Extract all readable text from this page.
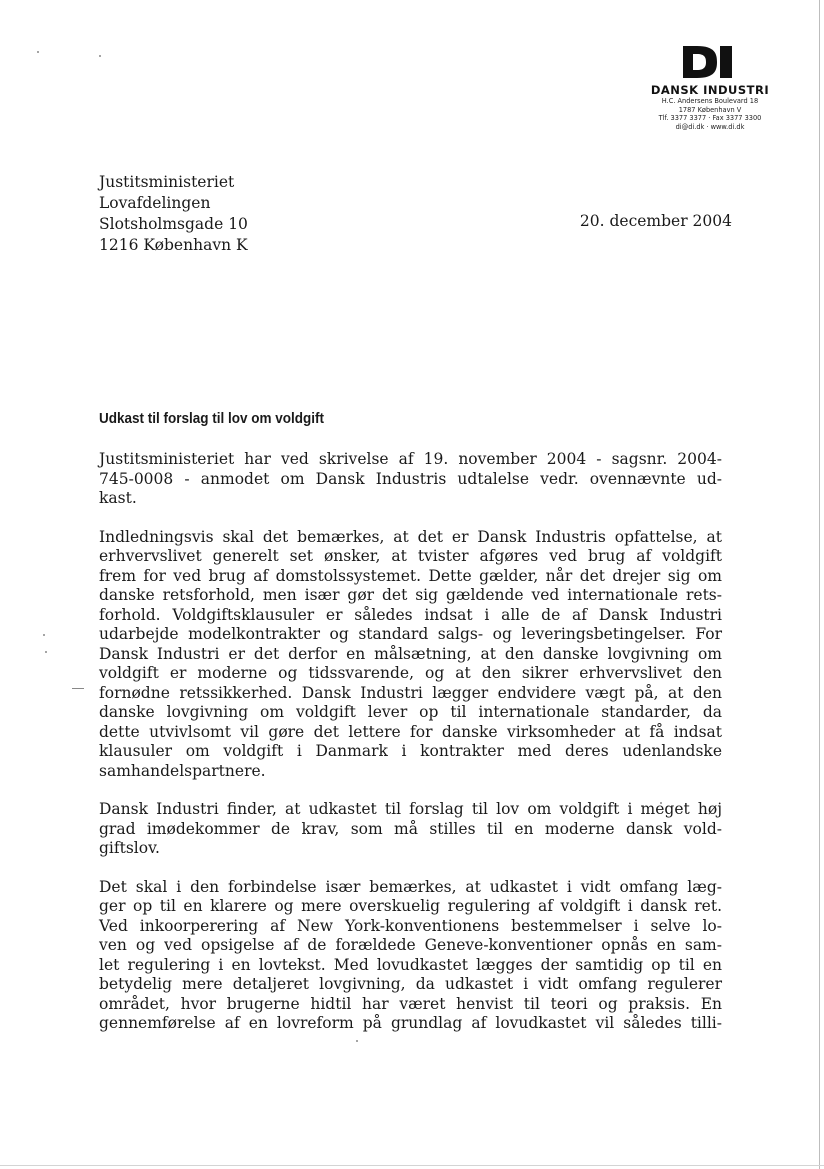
DANSK INDUSTRI
H.C. Andersens Boulevard 18
1787 København V
Tlf. 3377 3377 · Fax 3377 3300
di@di.dk · www.di.dk
Justitsministeriet
Lovafdelingen
Slotsholmsgade 10
1216 København K
20. december 2004
Udkast til forslag til lov om voldgift

Justitsministeriet har ved skrivelse af 19. november 2004 - sagsnr. 2004-
745-0008 - anmodet om Dansk Industris udtalelse vedr. ovennævnte ud-
kast.

Indledningsvis skal det bemærkes, at det er Dansk Industris opfattelse, at
erhvervslivet generelt set ønsker, at tvister afgøres ved brug af voldgift
frem for ved brug af domstolssystemet. Dette gælder, når det drejer sig om
danske retsforhold, men især gør det sig gældende ved internationale rets-
forhold. Voldgiftsklausuler er således indsat i alle de af Dansk Industri
udarbejde modelkontrakter og standard salgs- og leveringsbetingelser. For
Dansk Industri er det derfor en målsætning, at den danske lovgivning om
voldgift er moderne og tidssvarende, og at den sikrer erhvervslivet den
fornødne retssikkerhed. Dansk Industri lægger endvidere vægt på, at den
danske lovgivning om voldgift lever op til internationale standarder, da
dette utvivlsomt vil gøre det lettere for danske virksomheder at få indsat
klausuler om voldgift i Danmark i kontrakter med deres udenlandske
samhandelspartnere.

Dansk Industri finder, at udkastet til forslag til lov om voldgift i meget høj
grad imødekommer de krav, som må stilles til en moderne dansk vold-
giftslov.

Det skal i den forbindelse især bemærkes, at udkastet i vidt omfang læg-
ger op til en klarere og mere overskuelig regulering af voldgift i dansk ret.
Ved inkoorperering af New York-konventionens bestemmelser i selve lo-
ven og ved opsigelse af de forældede Geneve-konventioner opnås en sam-
let regulering i en lovtekst. Med lovudkastet lægges der samtidig op til en
betydelig mere detaljeret lovgivning, da udkastet i vidt omfang regulerer
området, hvor brugerne hidtil har været henvist til teori og praksis. En
gennemførelse af en lovreform på grundlag af lovudkastet vil således tilli-
